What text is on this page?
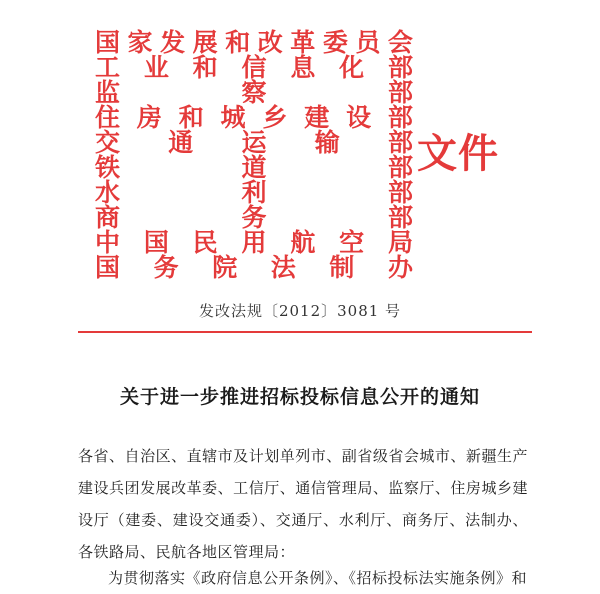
国 家 发 展 和 改 革 委 员 会
工 业 和 信 息 化 部
监	察	部
住 房 和 城 乡 建 设 部
交 通 运 输 部
铁	道	部
水	利	部
商	务	部
中 国 民 用 航 空 局
国 务 院 法 制 办
文件
发改法规〔2012〕3081 号
关于进一步推进招标投标信息公开的通知
各省、自治区、直辖市及计划单列市、副省级省会城市、新疆生产建设兵团发展改革委、工信厅、通信管理局、监察厅、住房城乡建设厅（建委、建设交通委）、交通厅、水利厅、商务厅、法制办、各铁路局、民航各地区管理局：
为贯彻落实《政府信息公开条例》、《招标投标法实施条例》和
